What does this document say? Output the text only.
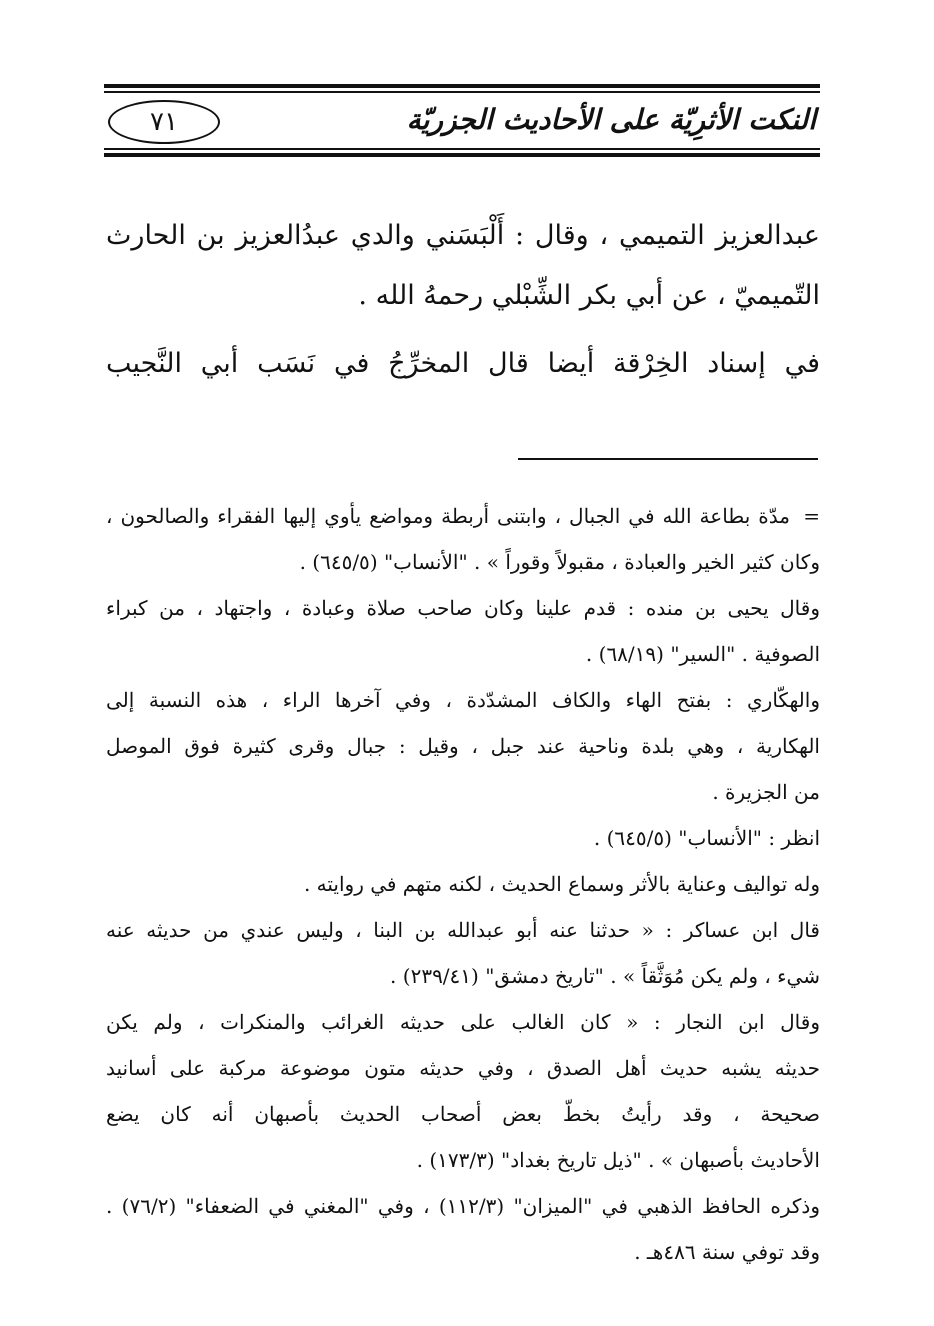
النكت الأثرِيّة على الأحاديث الجزريّة
٧١
عبدالعزيز التميمي ، وقال : أَلْبَسَني والدي عبدُالعزيز بن الحارث
التّميميّ ، عن أبي بكر الشِّبْلي رحمهُ الله .
في إسناد الخِرْقة أيضا قال المخرِّجُ في نَسَب أبي النَّجيب
=
مدّة بطاعة الله في الجبال ، وابتنى أربطة ومواضع يأوي إليها الفقراء والصالحون ،
وكان كثير الخير والعبادة ، مقبولاً وقوراً » . "الأنساب" (٦٤٥/٥) .
وقال يحيى بن منده : قدم علينا وكان صاحب صلاة وعبادة ، واجتهاد ، من كبراء
الصوفية . "السير" (٦٨/١٩) .
والهكّاري : بفتح الهاء والكاف المشدّدة ، وفي آخرها الراء ، هذه النسبة إلى
الهكارية ، وهي بلدة وناحية عند جبل ، وقيل : جبال وقرى كثيرة فوق الموصل
من الجزيرة .
انظر : "الأنساب" (٦٤٥/٥) .
وله تواليف وعناية بالأثر وسماع الحديث ، لكنه متهم في روايته .
قال ابن عساكر : « حدثنا عنه أبو عبدالله بن البنا ، وليس عندي من حديثه عنه
شيء ، ولم يكن مُوَثَّقاً » . "تاريخ دمشق" (٢٣٩/٤١) .
وقال ابن النجار : « كان الغالب على حديثه الغرائب والمنكرات ، ولم يكن
حديثه يشبه حديث أهل الصدق ، وفي حديثه متون موضوعة مركبة على أسانيد
صحيحة ، وقد رأيتُ بخطّ بعض أصحاب الحديث بأصبهان أنه كان يضع
الأحاديث بأصبهان » . "ذيل تاريخ بغداد" (١٧٣/٣) .
وذكره الحافظ الذهبي في "الميزان" (١١٢/٣) ، وفي "المغني في الضعفاء" (٧٦/٢) .
وقد توفي سنة ٤٨٦هـ .
